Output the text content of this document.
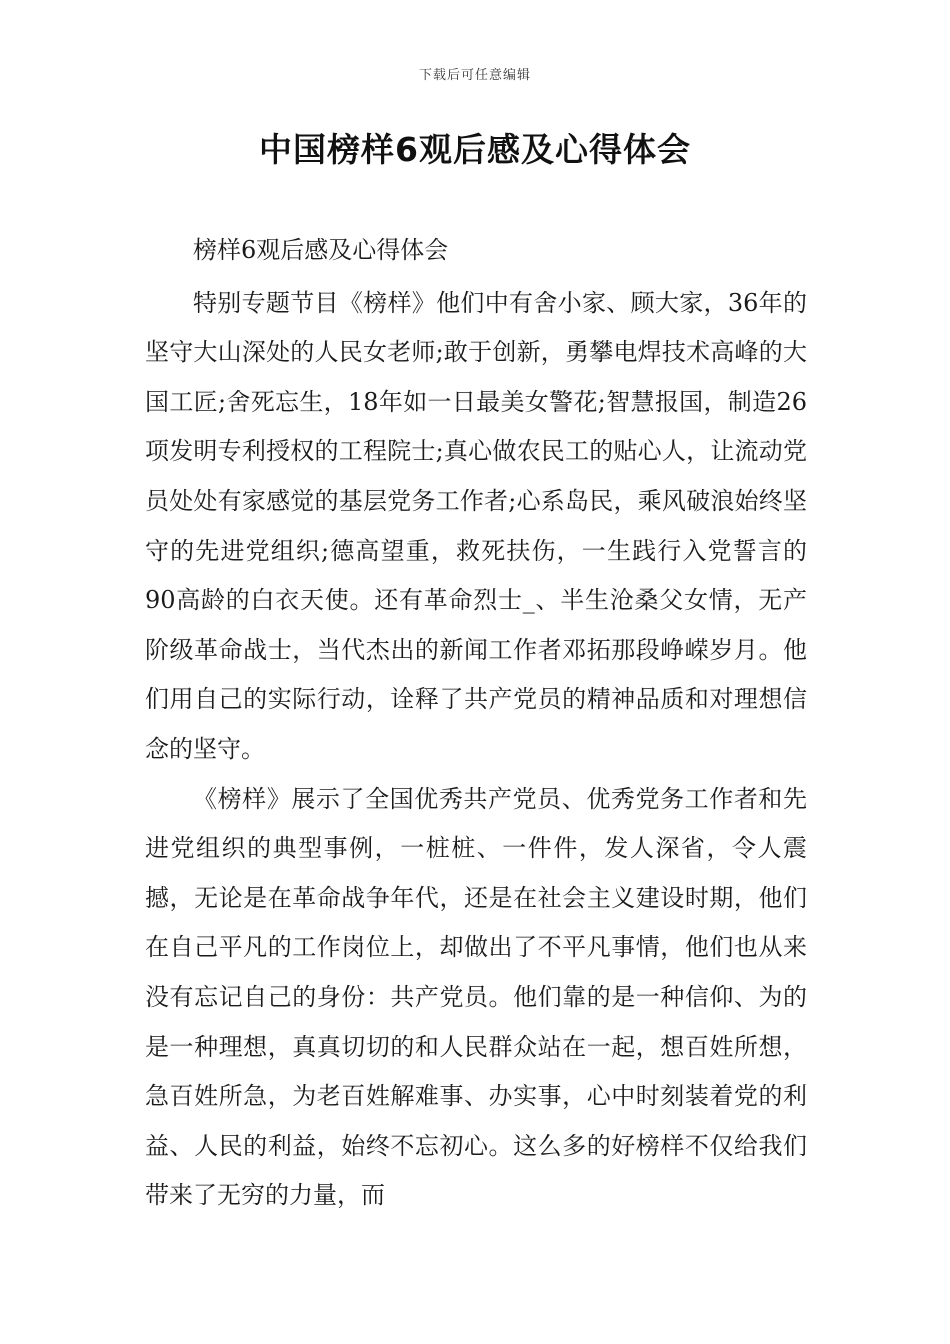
下载后可任意编辑
中国榜样6观后感及心得体会

榜样6观后感及心得体会

特别专题节目《榜样》他们中有舍小家、顾大家，36年的坚守大山深处的人民女老师;敢于创新，勇攀电焊技术高峰的大国工匠;舍死忘生，18年如一日最美女警花;智慧报国，制造26项发明专利授权的工程院士;真心做农民工的贴心人，让流动党员处处有家感觉的基层党务工作者;心系岛民，乘风破浪始终坚守的先进党组织;德高望重，救死扶伤，一生践行入党誓言的90高龄的白衣天使。还有革命烈士_、半生沧桑父女情，无产阶级革命战士，当代杰出的新闻工作者邓拓那段峥嵘岁月。他们用自己的实际行动，诠释了共产党员的精神品质和对理想信念的坚守。

《榜样》展示了全国优秀共产党员、优秀党务工作者和先进党组织的典型事例，一桩桩、一件件，发人深省，令人震撼，无论是在革命战争年代，还是在社会主义建设时期，他们在自己平凡的工作岗位上，却做出了不平凡事情，他们也从来没有忘记自己的身份：共产党员。他们靠的是一种信仰、为的是一种理想，真真切切的和人民群众站在一起，想百姓所想，急百姓所急，为老百姓解难事、办实事，心中时刻装着党的利益、人民的利益，始终不忘初心。这么多的好榜样不仅给我们带来了无穷的力量，而
